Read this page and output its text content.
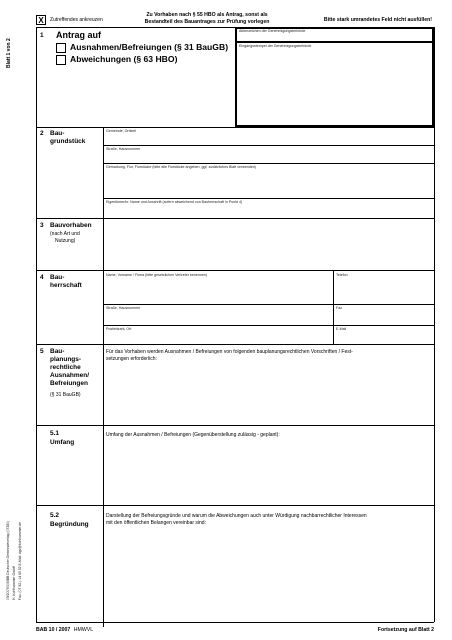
Blatt 1 von 2
09/2007/006/BB Deutscher Gemeindeverlag (07380) H. Kohlhammer GmbH Fax: (07 92-) 14 65 52 E-Mail: dgv@kohlhammer.de
X	Zutreffendes ankreuzen
Zu Vorhaben nach § 55 HBO als Antrag, sonst als
Bestandteil des Bauantrages zur Prüfung vorlegen	Bitte stark umrandetes Feld nicht ausfüllen!
1 Antrag auf
Ausnahmen/Befreiungen (§ 31 BauGB)
Abweichungen (§ 63 HBO)
Aktenzeichen der Genehmigungsbehörde
Eingangsstempel der Genehmigungsbehörde
2 Bau-
grundstück
Gemeinde, Ortsteil
Straße, Hausnummer
Gemarkung, Flur, Flurstücke (bitte alle Flurstücke angeben, ggf. zusätzliches Blatt verwenden)
Eigentümer/in: Name und Anschrift (sofern abweichend von Bauherrschaft in Punkt 4)
3 Bauvorhaben
(nach Art und
Nutzung)
4 Bau-
herrschaft
Name, Vorname / Firma (bitte gesetzlichen Vertreter benennen)	Telefon
Straße, Hausnummer	Fax
Postleitzahl, Ort	E-Mail
5 Bau-
planungs-
rechtliche
Ausnahmen/
Befreiungen
(§ 31 BauGB)
Für das Vorhaben werden Ausnahmen / Befreiungen von folgenden bauplanungsrechtlichen Vorschriften / Fest-
setzungen erforderlich:
5.1
Umfang
Umfang der Ausnahmen / Befreiungen (Gegenüberstellung zulässig - geplant):
5.2
Begründung
Darstellung der Befreiungsgründe und warum die Abweichungen auch unter Würdigung nachbarrechtlicher Interessen
mit den öffentlichen Belangen vereinbar sind:
BAB 10 / 2007 HMWVL	Fortsetzung auf Blatt 2
